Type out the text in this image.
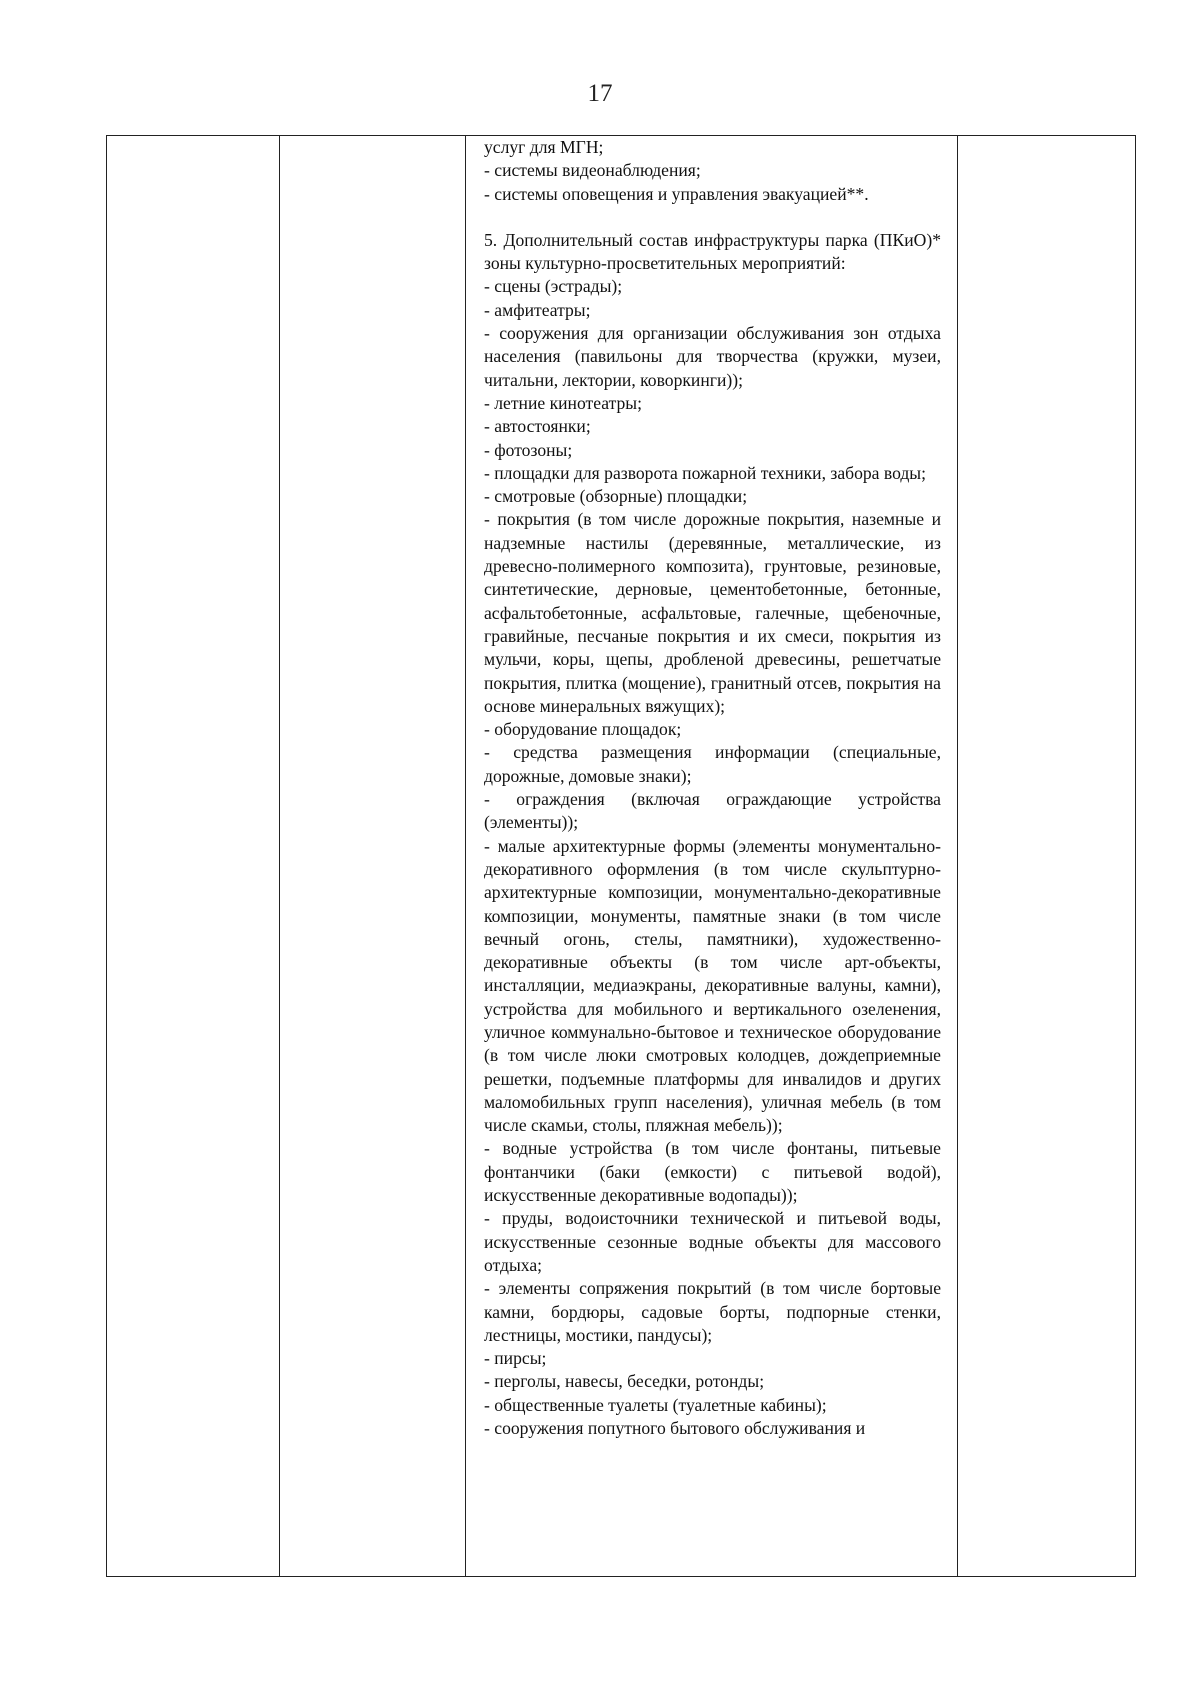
17

услуг для МГН;

- системы видеонаблюдения;

- системы оповещения и управления эвакуацией**.

5. Дополнительный состав инфраструктуры парка (ПКиО)* зоны культурно-просветительных мероприятий:

- сцены (эстрады);

- амфитеатры;

- сооружения для организации обслуживания зон отдыха населения (павильоны для творчества (кружки, музеи, читальни, лектории, коворкинги));

- летние кинотеатры;

- автостоянки;

- фотозоны;

- площадки для разворота пожарной техники, забора воды;

- смотровые (обзорные) площадки;

- покрытия (в том числе дорожные покрытия, наземные и надземные настилы (деревянные, металлические, из древесно-полимерного композита), грунтовые, резиновые, синтетические, дерновые, цементобетонные, бетонные, асфальтобетонные, асфальтовые, галечные, щебеночные, гравийные, песчаные покрытия и их смеси, покрытия из мульчи, коры, щепы, дробленой древесины, решетчатые покрытия, плитка (мощение), гранитный отсев, покрытия на основе минеральных вяжущих);

- оборудование площадок;

- средства размещения информации (специальные, дорожные, домовые знаки);

- ограждения (включая ограждающие устройства (элементы));

- малые архитектурные формы (элементы монументально-декоративного оформления (в том числе скульптурно-архитектурные композиции, монументально-декоративные композиции, монументы, памятные знаки (в том числе вечный огонь, стелы, памятники), художественно-декоративные объекты (в том числе арт-объекты, инсталляции, медиаэкраны, декоративные валуны, камни), устройства для мобильного и вертикального озеленения, уличное коммунально-бытовое и техническое оборудование (в том числе люки смотровых колодцев, дождеприемные решетки, подъемные платформы для инвалидов и других маломобильных групп населения), уличная мебель (в том числе скамьи, столы, пляжная мебель));

- водные устройства (в том числе фонтаны, питьевые фонтанчики (баки (емкости) с питьевой водой), искусственные декоративные водопады));

- пруды, водоисточники технической и питьевой воды, искусственные сезонные водные объекты для массового отдыха;

- элементы сопряжения покрытий (в том числе бортовые камни, бордюры, садовые борты, подпорные стенки, лестницы, мостики, пандусы);

- пирсы;

- перголы, навесы, беседки, ротонды;

- общественные туалеты (туалетные кабины);

- сооружения попутного бытового обслуживания и
